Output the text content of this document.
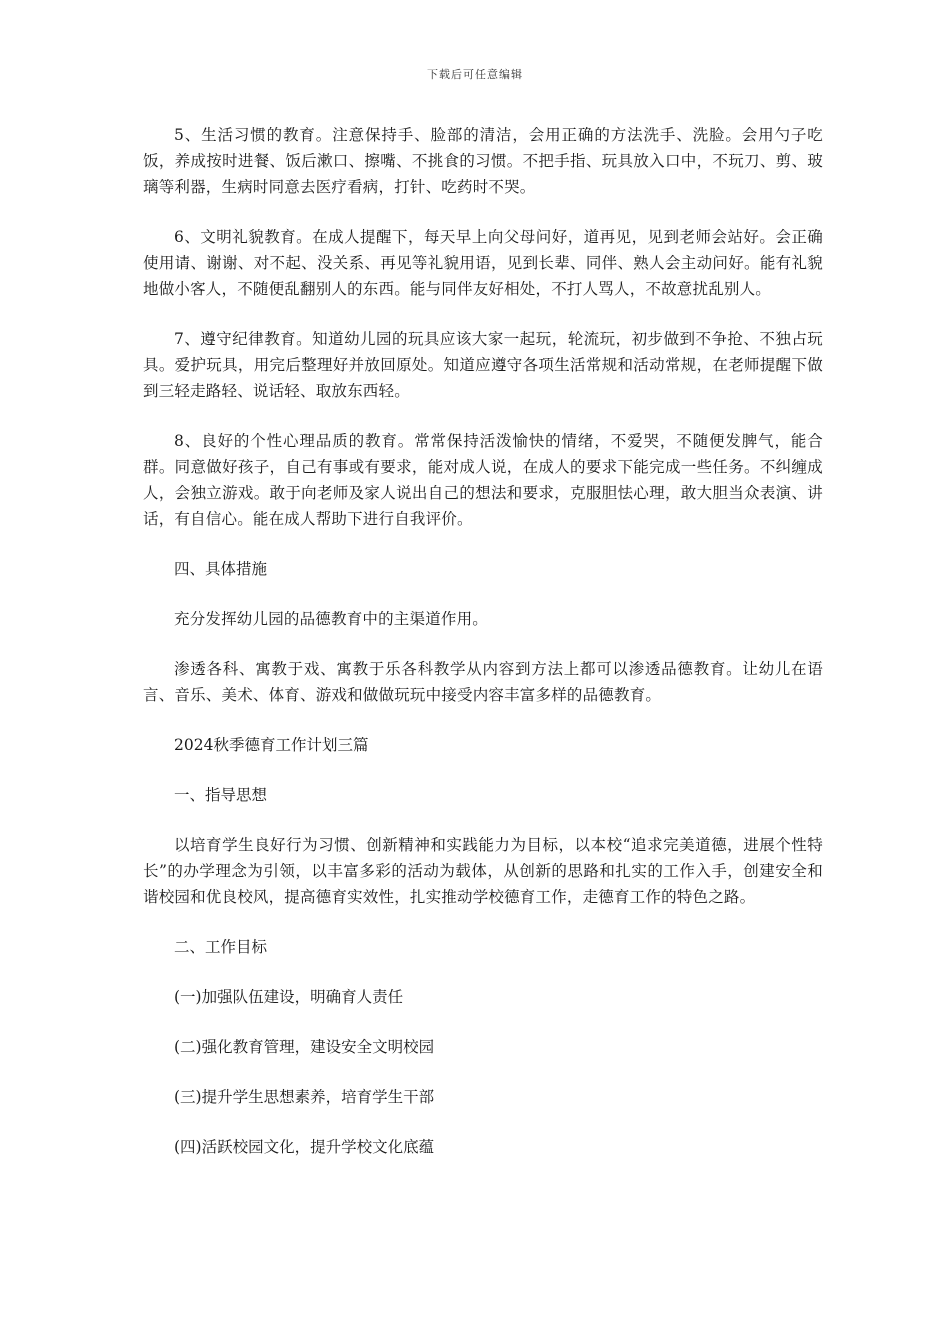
下载后可任意编辑

5、生活习惯的教育。注意保持手、脸部的清洁，会用正确的方法洗手、洗脸。会用勺子吃饭，养成按时进餐、饭后漱口、擦嘴、不挑食的习惯。不把手指、玩具放入口中，不玩刀、剪、玻璃等利器，生病时同意去医疗看病，打针、吃药时不哭。

6、文明礼貌教育。在成人提醒下，每天早上向父母问好，道再见，见到老师会站好。会正确使用请、谢谢、对不起、没关系、再见等礼貌用语，见到长辈、同伴、熟人会主动问好。能有礼貌地做小客人，不随便乱翻别人的东西。能与同伴友好相处，不打人骂人，不故意扰乱别人。

7、遵守纪律教育。知道幼儿园的玩具应该大家一起玩，轮流玩，初步做到不争抢、不独占玩具。爱护玩具，用完后整理好并放回原处。知道应遵守各项生活常规和活动常规，在老师提醒下做到三轻走路轻、说话轻、取放东西轻。

8、良好的个性心理品质的教育。常常保持活泼愉快的情绪，不爱哭，不随便发脾气，能合群。同意做好孩子，自己有事或有要求，能对成人说，在成人的要求下能完成一些任务。不纠缠成人，会独立游戏。敢于向老师及家人说出自己的想法和要求，克服胆怯心理，敢大胆当众表演、讲话，有自信心。能在成人帮助下进行自我评价。

四、具体措施

充分发挥幼儿园的品德教育中的主渠道作用。

渗透各科、寓教于戏、寓教于乐各科教学从内容到方法上都可以渗透品德教育。让幼儿在语言、音乐、美术、体育、游戏和做做玩玩中接受内容丰富多样的品德教育。

2024秋季德育工作计划三篇

一、指导思想

以培育学生良好行为习惯、创新精神和实践能力为目标，以本校“追求完美道德，进展个性特长”的办学理念为引领，以丰富多彩的活动为载体，从创新的思路和扎实的工作入手，创建安全和谐校园和优良校风，提高德育实效性，扎实推动学校德育工作，走德育工作的特色之路。

二、工作目标

(一)加强队伍建设，明确育人责任

(二)强化教育管理，建设安全文明校园

(三)提升学生思想素养，培育学生干部

(四)活跃校园文化，提升学校文化底蕴
